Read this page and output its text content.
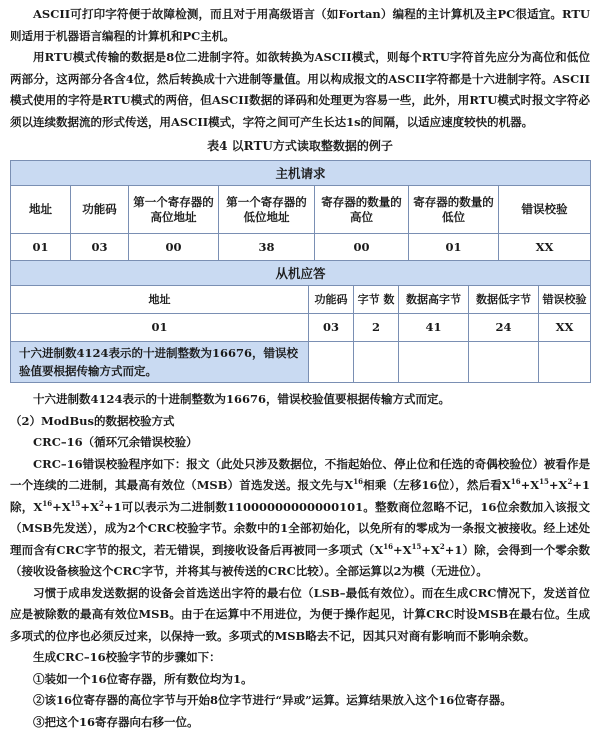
ASCII可打印字符便于故障检测，而且对于用高级语言（如Fortan）编程的主计算机及主PC很适宜。RTU则适用于机器语言编程的计算机和PC主机。

用RTU模式传输的数据是8位二进制字符。如欲转换为ASCII模式，则每个RTU字符首先应分为高位和低位两部分，这两部分各含4位，然后转换成十六进制等量值。用以构成报文的ASCII字符都是十六进制字符。ASCII模式使用的字符是RTU模式的两倍，但ASCII数据的译码和处理更为容易一些，此外，用RTU模式时报文字符必须以连续数据流的形式传送，用ASCII模式，字符之间可产生长达1s的间隔，以适应速度较快的机器。

表4 以RTU方式读取整数据的例子
主机请求						
地址	功能码	第一个寄存器的高位地址	第一个寄存器的低位地址	寄存器的数量的高位	寄存器的数量的低位	错误校验
01	03	00	38	00	01	XX
从机应答					
地址	功能码	字节 数	数据高字节	数据低字节	错误校验
01	03	2	41	24	XX
十六进制数4124表示的十进制整数为16676，错误校验值要根据传输方式而定。					

十六进制数4124表示的十进制整数为16676，错误校验值要根据传输方式而定。

（2）ModBus的数据校验方式

CRC–16（循环冗余错误校验）

CRC–16错误校验程序如下：报文（此处只涉及数据位，不指起始位、停止位和任选的奇偶校验位）被看作是一个连续的二进制，其最高有效位（MSB）首选发送。报文先与$X^{16}$相乘（左移16位），然后看$X^{16}+X^{15}+X^2+1$除，$X^{16}+X^{15}+X^2+1$可以表示为二进制数11000000000000101。整数商位忽略不记，16位余数加入该报文（MSB先发送），成为2个CRC校验字节。余数中的1全部初始化，以免所有的零成为一条报文被接收。经上述处理而含有CRC字节的报文，若无错误，到接收设备后再被同一多项式$(X^{16}+X^{15}+X^2+1)$除，会得到一个零余数（接收设备核验这个CRC字节，并将其与被传送的CRC比较）。全部运算以2为模（无进位）。

习惯于成串发送数据的设备会首选送出字符的最右位（LSB–最低有效位）。而在生成CRC情况下，发送首位应是被除数的最高有效位MSB。由于在运算中不用进位，为便于操作起见，计算CRC时设MSB在最右位。生成多项式的位序也必须反过来，以保持一致。多项式的MSB略去不记，因其只对商有影响而不影响余数。

生成CRC–16校验字节的步骤如下：

①装如一个16位寄存器，所有数位均为1。

②该16位寄存器的高位字节与开始8位字节进行“异或”运算。运算结果放入这个16位寄存器。

③把这个16寄存器向右移一位。
